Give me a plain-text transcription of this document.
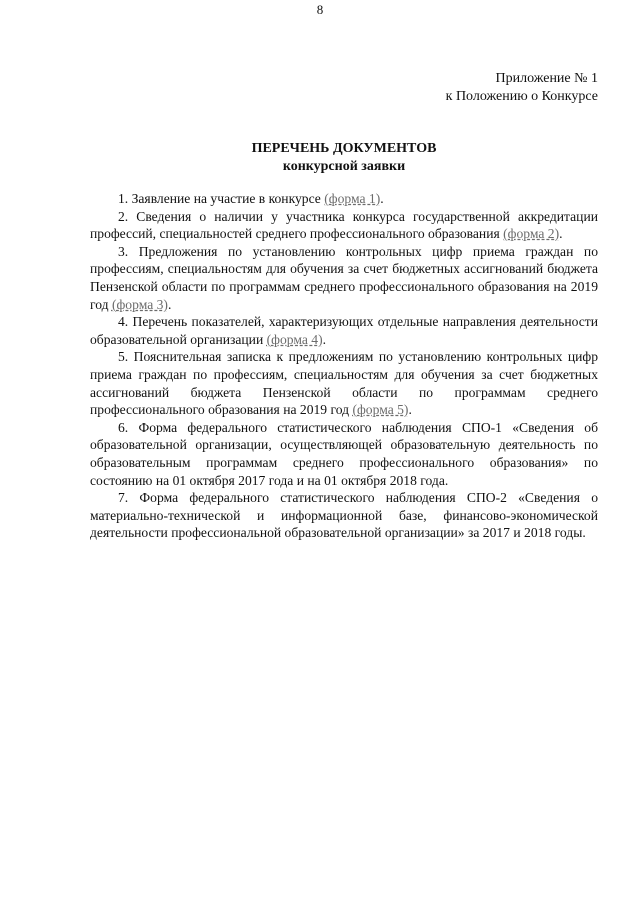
8
Приложение № 1
к Положению о Конкурсе
ПЕРЕЧЕНЬ ДОКУМЕНТОВ
конкурсной заявки

1. Заявление на участие в конкурсе (форма 1).

2. Сведения о наличии у участника конкурса государственной аккредитации профессий, специальностей среднего профессионального образования (форма 2).

3. Предложения по установлению контрольных цифр приема граждан по профессиям, специальностям для обучения за счет бюджетных ассигнований бюджета Пензенской области по программам среднего профессионального образования на 2019 год (форма 3).

4. Перечень показателей, характеризующих отдельные направления деятельности образовательной организации (форма 4).

5. Пояснительная записка к предложениям по установлению контрольных цифр приема граждан по профессиям, специальностям для обучения за счет бюджетных ассигнований бюджета Пензенской области по программам среднего профессионального образования на 2019 год (форма 5).

6. Форма федерального статистического наблюдения СПО-1 «Сведения об образовательной организации, осуществляющей образовательную деятельность по образовательным программам среднего профессионального образования» по состоянию на 01 октября 2017 года и на 01 октября 2018 года.

7. Форма федерального статистического наблюдения СПО-2 «Сведения о материально-технической и информационной базе, финансово-экономической деятельности профессиональной образовательной организации» за 2017 и 2018 годы.
